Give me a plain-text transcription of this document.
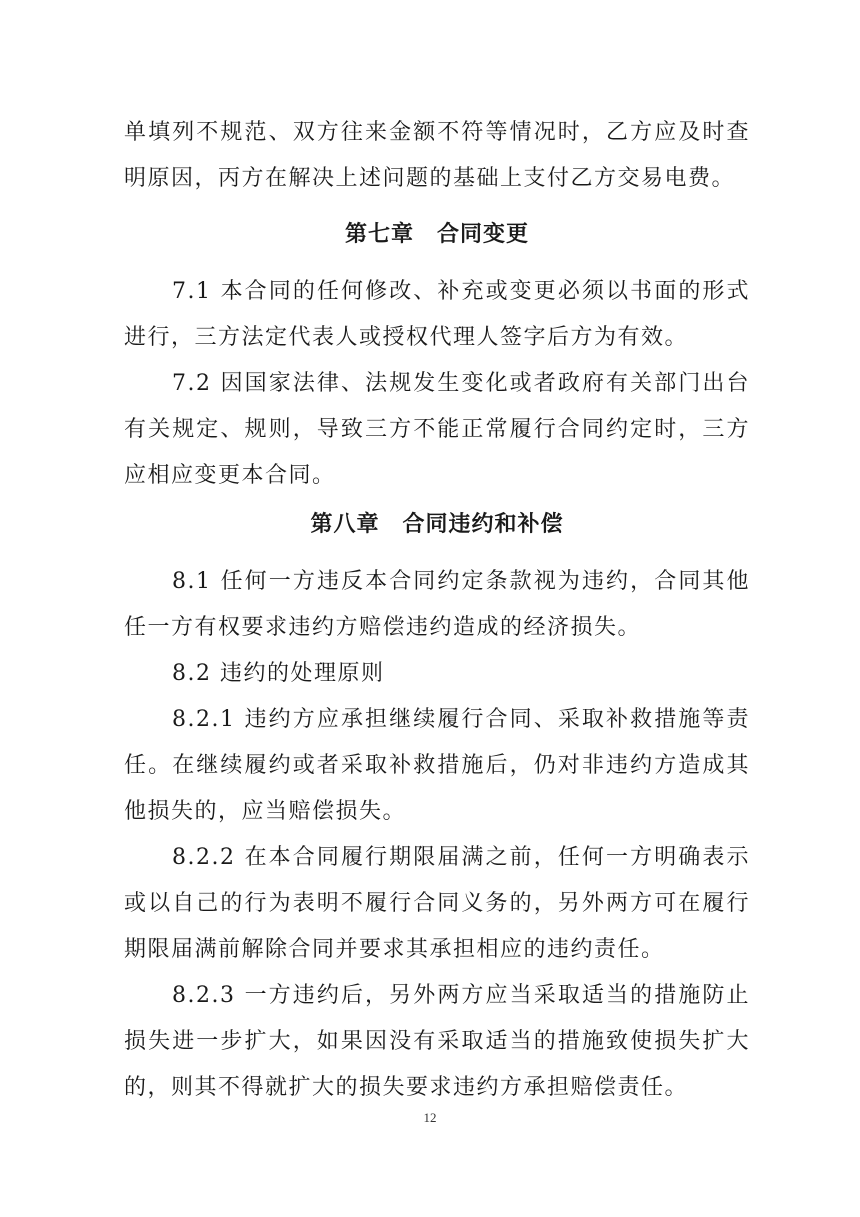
单填列不规范、双方往来金额不符等情况时，乙方应及时查明原因，丙方在解决上述问题的基础上支付乙方交易电费。

第七章　合同变更

7.1 本合同的任何修改、补充或变更必须以书面的形式进行，三方法定代表人或授权代理人签字后方为有效。

7.2 因国家法律、法规发生变化或者政府有关部门出台有关规定、规则，导致三方不能正常履行合同约定时，三方应相应变更本合同。

第八章　合同违约和补偿

8.1 任何一方违反本合同约定条款视为违约，合同其他任一方有权要求违约方赔偿违约造成的经济损失。

8.2 违约的处理原则

8.2.1 违约方应承担继续履行合同、采取补救措施等责任。在继续履约或者采取补救措施后，仍对非违约方造成其他损失的，应当赔偿损失。

8.2.2 在本合同履行期限届满之前，任何一方明确表示或以自己的行为表明不履行合同义务的，另外两方可在履行期限届满前解除合同并要求其承担相应的违约责任。

8.2.3 一方违约后，另外两方应当采取适当的措施防止损失进一步扩大，如果因没有采取适当的措施致使损失扩大的，则其不得就扩大的损失要求违约方承担赔偿责任。

12
